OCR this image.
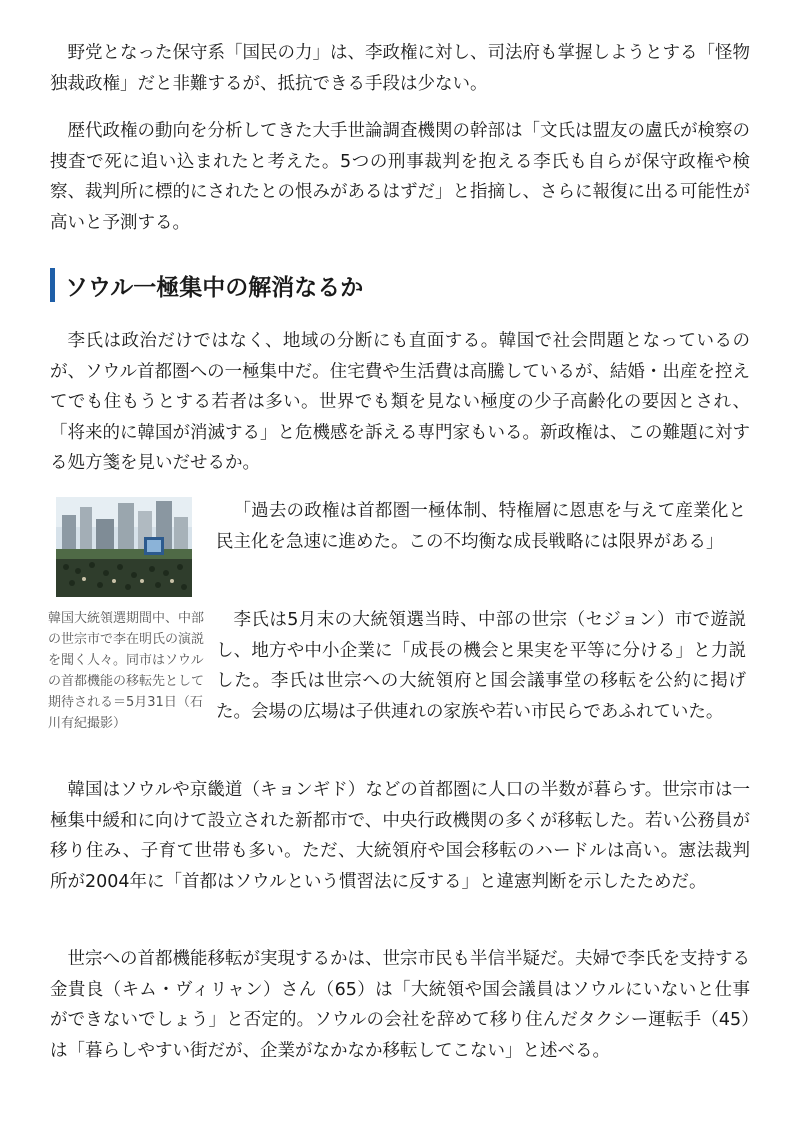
野党となった保守系「国民の力」は、李政権に対し、司法府も掌握しようとする「怪物独裁政権」だと非難するが、抵抗できる手段は少ない。

歴代政権の動向を分析してきた大手世論調査機関の幹部は「文氏は盟友の盧氏が検察の捜査で死に追い込まれたと考えた。5つの刑事裁判を抱える李氏も自らが保守政権や検察、裁判所に標的にされたとの恨みがあるはずだ」と指摘し、さらに報復に出る可能性が高いと予測する。

ソウル一極集中の解消なるか

李氏は政治だけではなく、地域の分断にも直面する。韓国で社会問題となっているのが、ソウル首都圏への一極集中だ。住宅費や生活費は高騰しているが、結婚・出産を控えてでも住もうとする若者は多い。世界でも類を見ない極度の少子高齢化の要因とされ、「将来的に韓国が消滅する」と危機感を訴える専門家もいる。新政権は、この難題に対する処方箋を見いだせるか。

韓国大統領選期間中、中部の世宗市で李在明氏の演説を聞く人々。同市はソウルの首都機能の移転先として期待される＝5月31日（石川有紀撮影）

「過去の政権は首都圏一極体制、特権層に恩恵を与えて産業化と民主化を急速に進めた。この不均衡な成長戦略には限界がある」

李氏は5月末の大統領選当時、中部の世宗（セジョン）市で遊説し、地方や中小企業に「成長の機会と果実を平等に分ける」と力説した。李氏は世宗への大統領府と国会議事堂の移転を公約に掲げた。会場の広場は子供連れの家族や若い市民らであふれていた。

韓国はソウルや京畿道（キョンギド）などの首都圏に人口の半数が暮らす。世宗市は一極集中緩和に向けて設立された新都市で、中央行政機関の多くが移転した。若い公務員が移り住み、子育て世帯も多い。ただ、大統領府や国会移転のハードルは高い。憲法裁判所が2004年に「首都はソウルという慣習法に反する」と違憲判断を示したためだ。

世宗への首都機能移転が実現するかは、世宗市民も半信半疑だ。夫婦で李氏を支持する金貴良（キム・ヴィリャン）さん（65）は「大統領や国会議員はソウルにいないと仕事ができないでしょう」と否定的。ソウルの会社を辞めて移り住んだタクシー運転手（45）は「暮らしやすい街だが、企業がなかなか移転してこない」と述べる。
